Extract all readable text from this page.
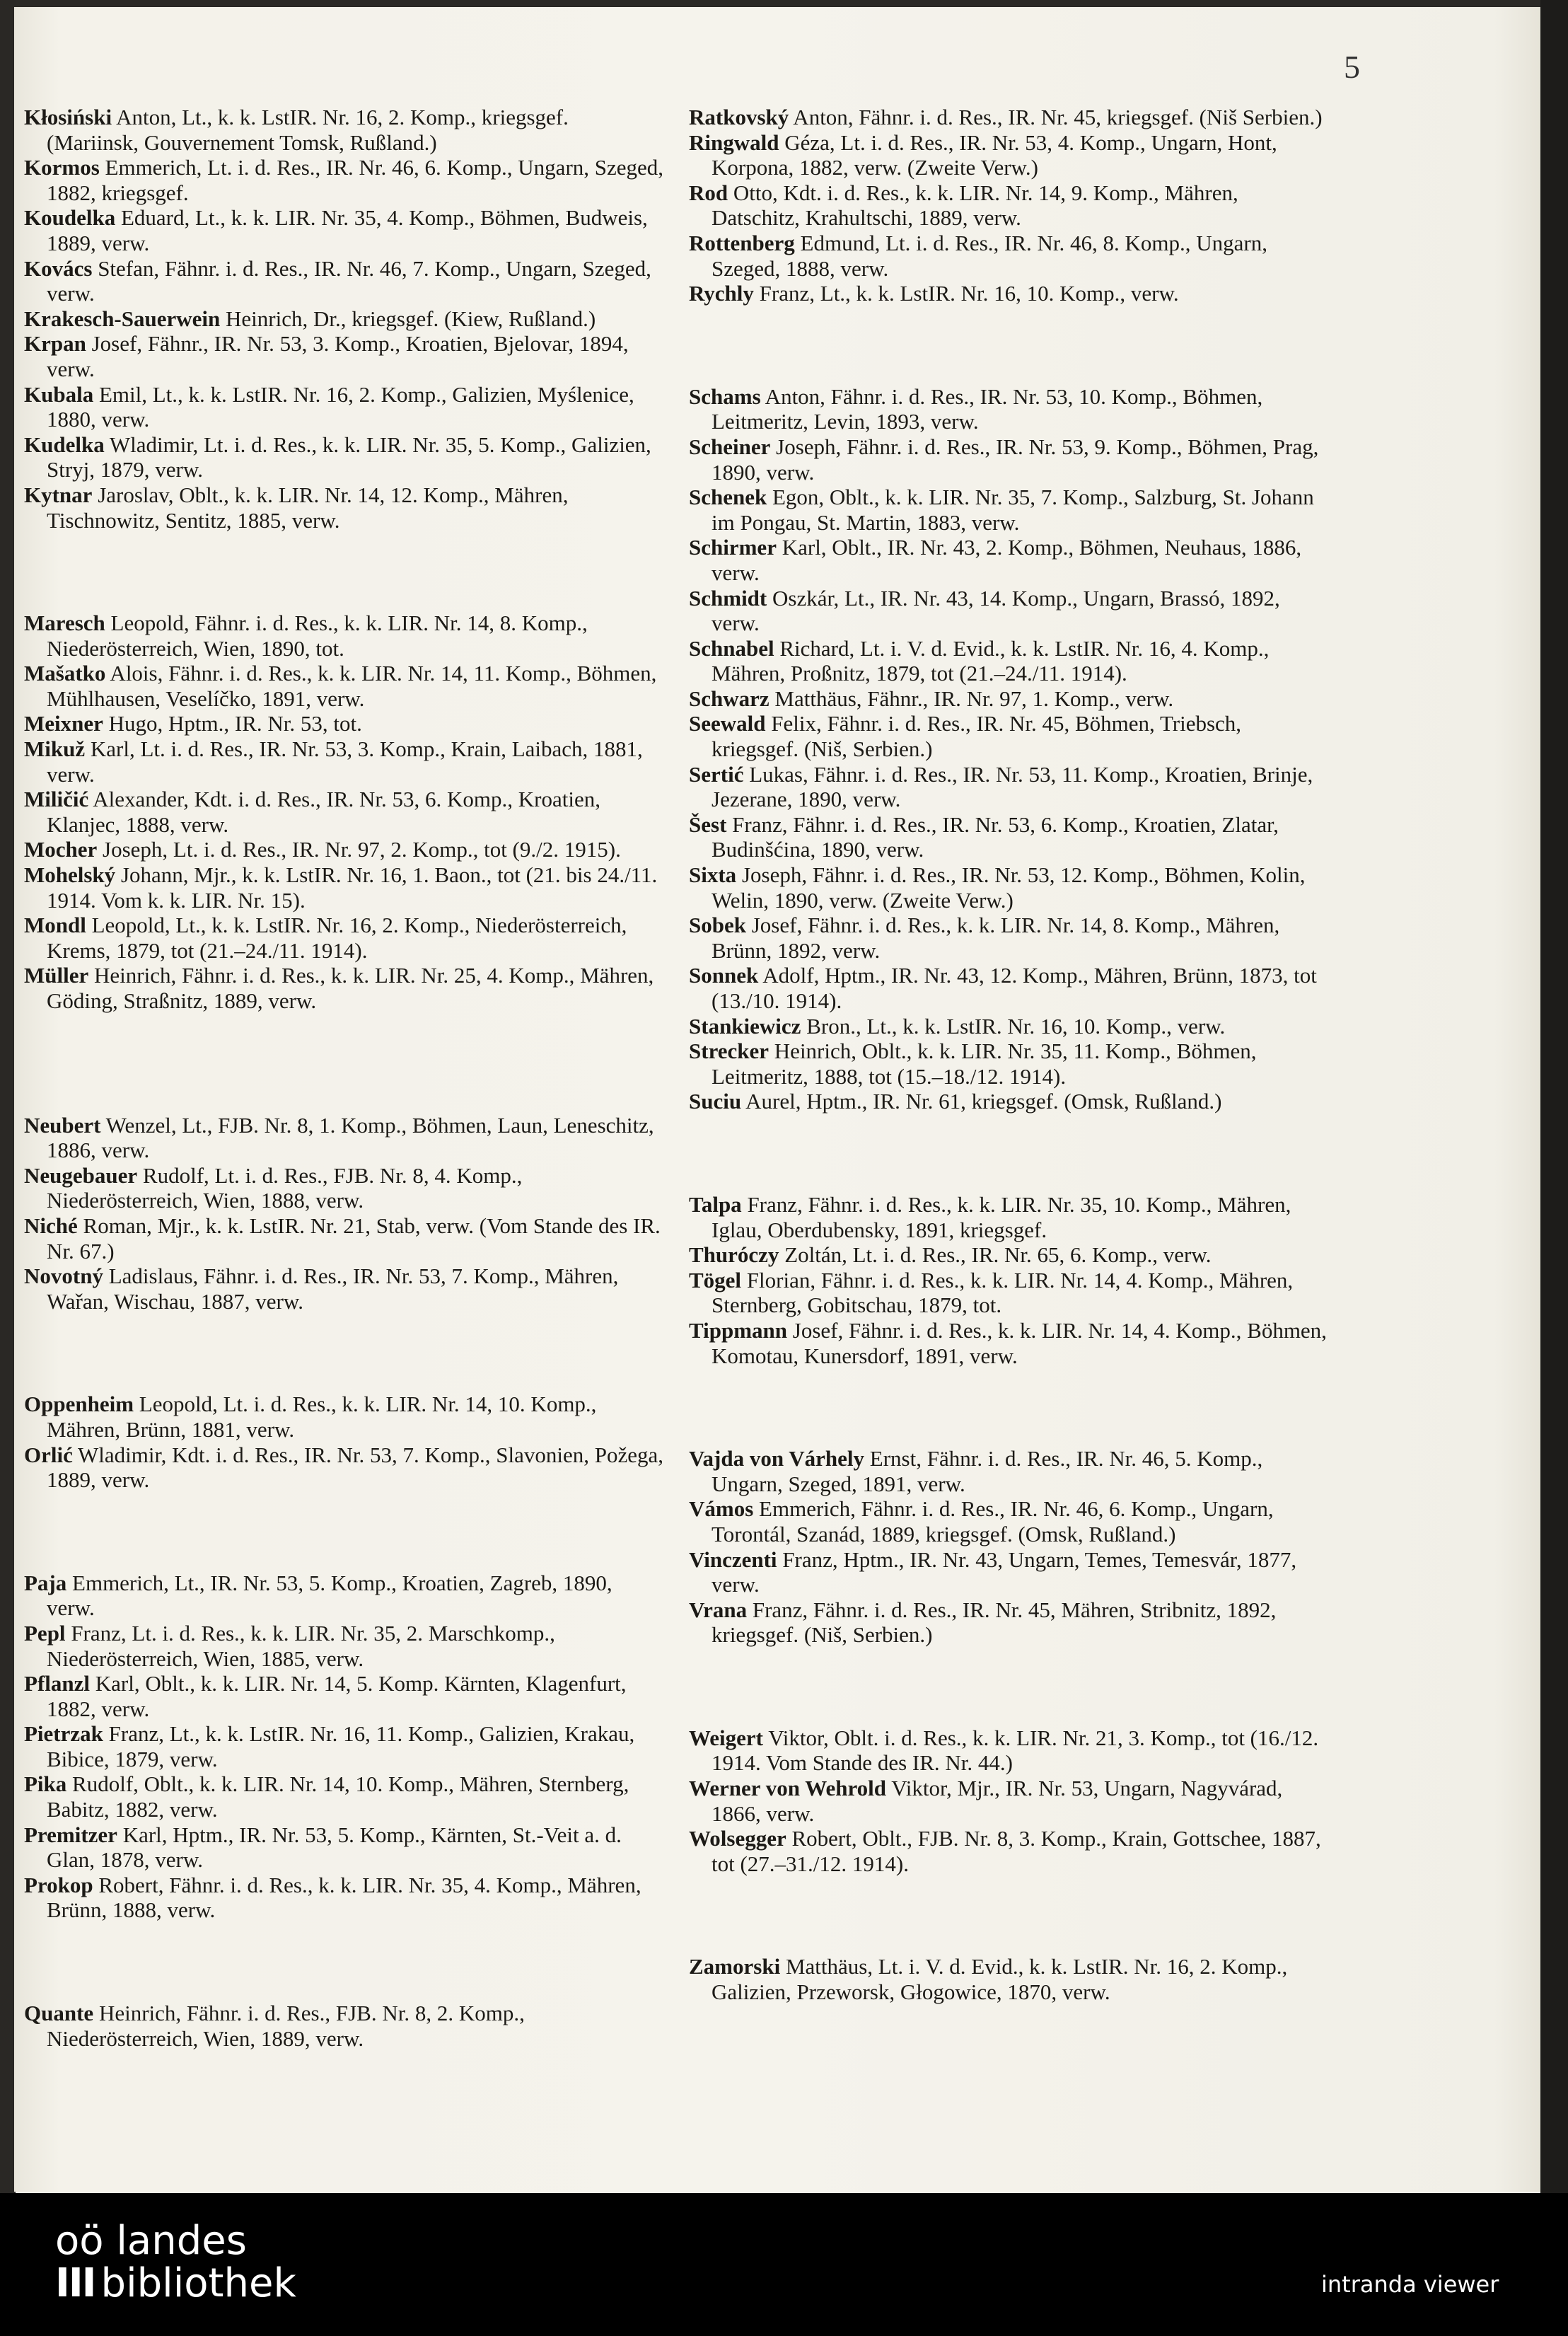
5

Kłosiński Anton, Lt., k. k. LstIR. Nr. 16, 2. Komp., kriegsgef. (Mariinsk, Gouvernement Tomsk, Rußland.)

Kormos Emmerich, Lt. i. d. Res., IR. Nr. 46, 6. Komp., Ungarn, Szeged, 1882, kriegsgef.

Koudelka Eduard, Lt., k. k. LIR. Nr. 35, 4. Komp., Böhmen, Budweis, 1889, verw.

Kovács Stefan, Fähnr. i. d. Res., IR. Nr. 46, 7. Komp., Ungarn, Szeged, verw.

Krakesch-Sauerwein Heinrich, Dr., kriegsgef. (Kiew, Rußland.)

Krpan Josef, Fähnr., IR. Nr. 53, 3. Komp., Kroatien, Bjelovar, 1894, verw.

Kubala Emil, Lt., k. k. LstIR. Nr. 16, 2. Komp., Galizien, Myślenice, 1880, verw.

Kudelka Wladimir, Lt. i. d. Res., k. k. LIR. Nr. 35, 5. Komp., Galizien, Stryj, 1879, verw.

Kytnar Jaroslav, Oblt., k. k. LIR. Nr. 14, 12. Komp., Mähren, Tischnowitz, Sentitz, 1885, verw.

Maresch Leopold, Fähnr. i. d. Res., k. k. LIR. Nr. 14, 8. Komp., Niederösterreich, Wien, 1890, tot.

Mašatko Alois, Fähnr. i. d. Res., k. k. LIR. Nr. 14, 11. Komp., Böhmen, Mühlhausen, Veselíčko, 1891, verw.

Meixner Hugo, Hptm., IR. Nr. 53, tot.

Mikuž Karl, Lt. i. d. Res., IR. Nr. 53, 3. Komp., Krain, Laibach, 1881, verw.

Miličić Alexander, Kdt. i. d. Res., IR. Nr. 53, 6. Komp., Kroatien, Klanjec, 1888, verw.

Mocher Joseph, Lt. i. d. Res., IR. Nr. 97, 2. Komp., tot (9./2. 1915).

Mohelský Johann, Mjr., k. k. LstIR. Nr. 16, 1. Baon., tot (21. bis 24./11. 1914. Vom k. k. LIR. Nr. 15).

Mondl Leopold, Lt., k. k. LstIR. Nr. 16, 2. Komp., Niederösterreich, Krems, 1879, tot (21.–24./11. 1914).

Müller Heinrich, Fähnr. i. d. Res., k. k. LIR. Nr. 25, 4. Komp., Mähren, Göding, Straßnitz, 1889, verw.

Neubert Wenzel, Lt., FJB. Nr. 8, 1. Komp., Böhmen, Laun, Leneschitz, 1886, verw.

Neugebauer Rudolf, Lt. i. d. Res., FJB. Nr. 8, 4. Komp., Niederösterreich, Wien, 1888, verw.

Niché Roman, Mjr., k. k. LstIR. Nr. 21, Stab, verw. (Vom Stande des IR. Nr. 67.)

Novotný Ladislaus, Fähnr. i. d. Res., IR. Nr. 53, 7. Komp., Mähren, Wařan, Wischau, 1887, verw.

Oppenheim Leopold, Lt. i. d. Res., k. k. LIR. Nr. 14, 10. Komp., Mähren, Brünn, 1881, verw.

Orlić Wladimir, Kdt. i. d. Res., IR. Nr. 53, 7. Komp., Slavonien, Požega, 1889, verw.

Paja Emmerich, Lt., IR. Nr. 53, 5. Komp., Kroatien, Zagreb, 1890, verw.

Pepl Franz, Lt. i. d. Res., k. k. LIR. Nr. 35, 2. Marschkomp., Niederösterreich, Wien, 1885, verw.

Pflanzl Karl, Oblt., k. k. LIR. Nr. 14, 5. Komp. Kärnten, Klagenfurt, 1882, verw.

Pietrzak Franz, Lt., k. k. LstIR. Nr. 16, 11. Komp., Galizien, Krakau, Bibice, 1879, verw.

Pika Rudolf, Oblt., k. k. LIR. Nr. 14, 10. Komp., Mähren, Sternberg, Babitz, 1882, verw.

Premitzer Karl, Hptm., IR. Nr. 53, 5. Komp., Kärnten, St.-Veit a. d. Glan, 1878, verw.

Prokop Robert, Fähnr. i. d. Res., k. k. LIR. Nr. 35, 4. Komp., Mähren, Brünn, 1888, verw.

Quante Heinrich, Fähnr. i. d. Res., FJB. Nr. 8, 2. Komp., Niederösterreich, Wien, 1889, verw.

Ratkovský Anton, Fähnr. i. d. Res., IR. Nr. 45, kriegsgef. (Niš Serbien.)

Ringwald Géza, Lt. i. d. Res., IR. Nr. 53, 4. Komp., Ungarn, Hont, Korpona, 1882, verw. (Zweite Verw.)

Rod Otto, Kdt. i. d. Res., k. k. LIR. Nr. 14, 9. Komp., Mähren, Datschitz, Krahultschi, 1889, verw.

Rottenberg Edmund, Lt. i. d. Res., IR. Nr. 46, 8. Komp., Ungarn, Szeged, 1888, verw.

Rychly Franz, Lt., k. k. LstIR. Nr. 16, 10. Komp., verw.

Schams Anton, Fähnr. i. d. Res., IR. Nr. 53, 10. Komp., Böhmen, Leitmeritz, Levin, 1893, verw.

Scheiner Joseph, Fähnr. i. d. Res., IR. Nr. 53, 9. Komp., Böhmen, Prag, 1890, verw.

Schenek Egon, Oblt., k. k. LIR. Nr. 35, 7. Komp., Salzburg, St. Johann im Pongau, St. Martin, 1883, verw.

Schirmer Karl, Oblt., IR. Nr. 43, 2. Komp., Böhmen, Neuhaus, 1886, verw.

Schmidt Oszkár, Lt., IR. Nr. 43, 14. Komp., Ungarn, Brassó, 1892, verw.

Schnabel Richard, Lt. i. V. d. Evid., k. k. LstIR. Nr. 16, 4. Komp., Mähren, Proßnitz, 1879, tot (21.–24./11. 1914).

Schwarz Matthäus, Fähnr., IR. Nr. 97, 1. Komp., verw.

Seewald Felix, Fähnr. i. d. Res., IR. Nr. 45, Böhmen, Triebsch, kriegsgef. (Niš, Serbien.)

Sertić Lukas, Fähnr. i. d. Res., IR. Nr. 53, 11. Komp., Kroatien, Brinje, Jezerane, 1890, verw.

Šest Franz, Fähnr. i. d. Res., IR. Nr. 53, 6. Komp., Kroatien, Zlatar, Budinšćina, 1890, verw.

Sixta Joseph, Fähnr. i. d. Res., IR. Nr. 53, 12. Komp., Böhmen, Kolin, Welin, 1890, verw. (Zweite Verw.)

Sobek Josef, Fähnr. i. d. Res., k. k. LIR. Nr. 14, 8. Komp., Mähren, Brünn, 1892, verw.

Sonnek Adolf, Hptm., IR. Nr. 43, 12. Komp., Mähren, Brünn, 1873, tot (13./10. 1914).

Stankiewicz Bron., Lt., k. k. LstIR. Nr. 16, 10. Komp., verw.

Strecker Heinrich, Oblt., k. k. LIR. Nr. 35, 11. Komp., Böhmen, Leitmeritz, 1888, tot (15.–18./12. 1914).

Suciu Aurel, Hptm., IR. Nr. 61, kriegsgef. (Omsk, Rußland.)

Talpa Franz, Fähnr. i. d. Res., k. k. LIR. Nr. 35, 10. Komp., Mähren, Iglau, Oberdubensky, 1891, kriegsgef.

Thuróczy Zoltán, Lt. i. d. Res., IR. Nr. 65, 6. Komp., verw.

Tögel Florian, Fähnr. i. d. Res., k. k. LIR. Nr. 14, 4. Komp., Mähren, Sternberg, Gobitschau, 1879, tot.

Tippmann Josef, Fähnr. i. d. Res., k. k. LIR. Nr. 14, 4. Komp., Böhmen, Komotau, Kunersdorf, 1891, verw.

Vajda von Várhely Ernst, Fähnr. i. d. Res., IR. Nr. 46, 5. Komp., Ungarn, Szeged, 1891, verw.

Vámos Emmerich, Fähnr. i. d. Res., IR. Nr. 46, 6. Komp., Ungarn, Torontál, Szanád, 1889, kriegsgef. (Omsk, Rußland.)

Vinczenti Franz, Hptm., IR. Nr. 43, Ungarn, Temes, Temesvár, 1877, verw.

Vrana Franz, Fähnr. i. d. Res., IR. Nr. 45, Mähren, Stribnitz, 1892, kriegsgef. (Niš, Serbien.)

Weigert Viktor, Oblt. i. d. Res., k. k. LIR. Nr. 21, 3. Komp., tot (16./12. 1914. Vom Stande des IR. Nr. 44.)

Werner von Wehrold Viktor, Mjr., IR. Nr. 53, Ungarn, Nagyvárad, 1866, verw.

Wolsegger Robert, Oblt., FJB. Nr. 8, 3. Komp., Krain, Gottschee, 1887, tot (27.–31./12. 1914).

Zamorski Matthäus, Lt. i. V. d. Evid., k. k. LstIR. Nr. 16, 2. Komp., Galizien, Przeworsk, Głogowice, 1870, verw.

oö landes
III bibliothek	intranda viewer
